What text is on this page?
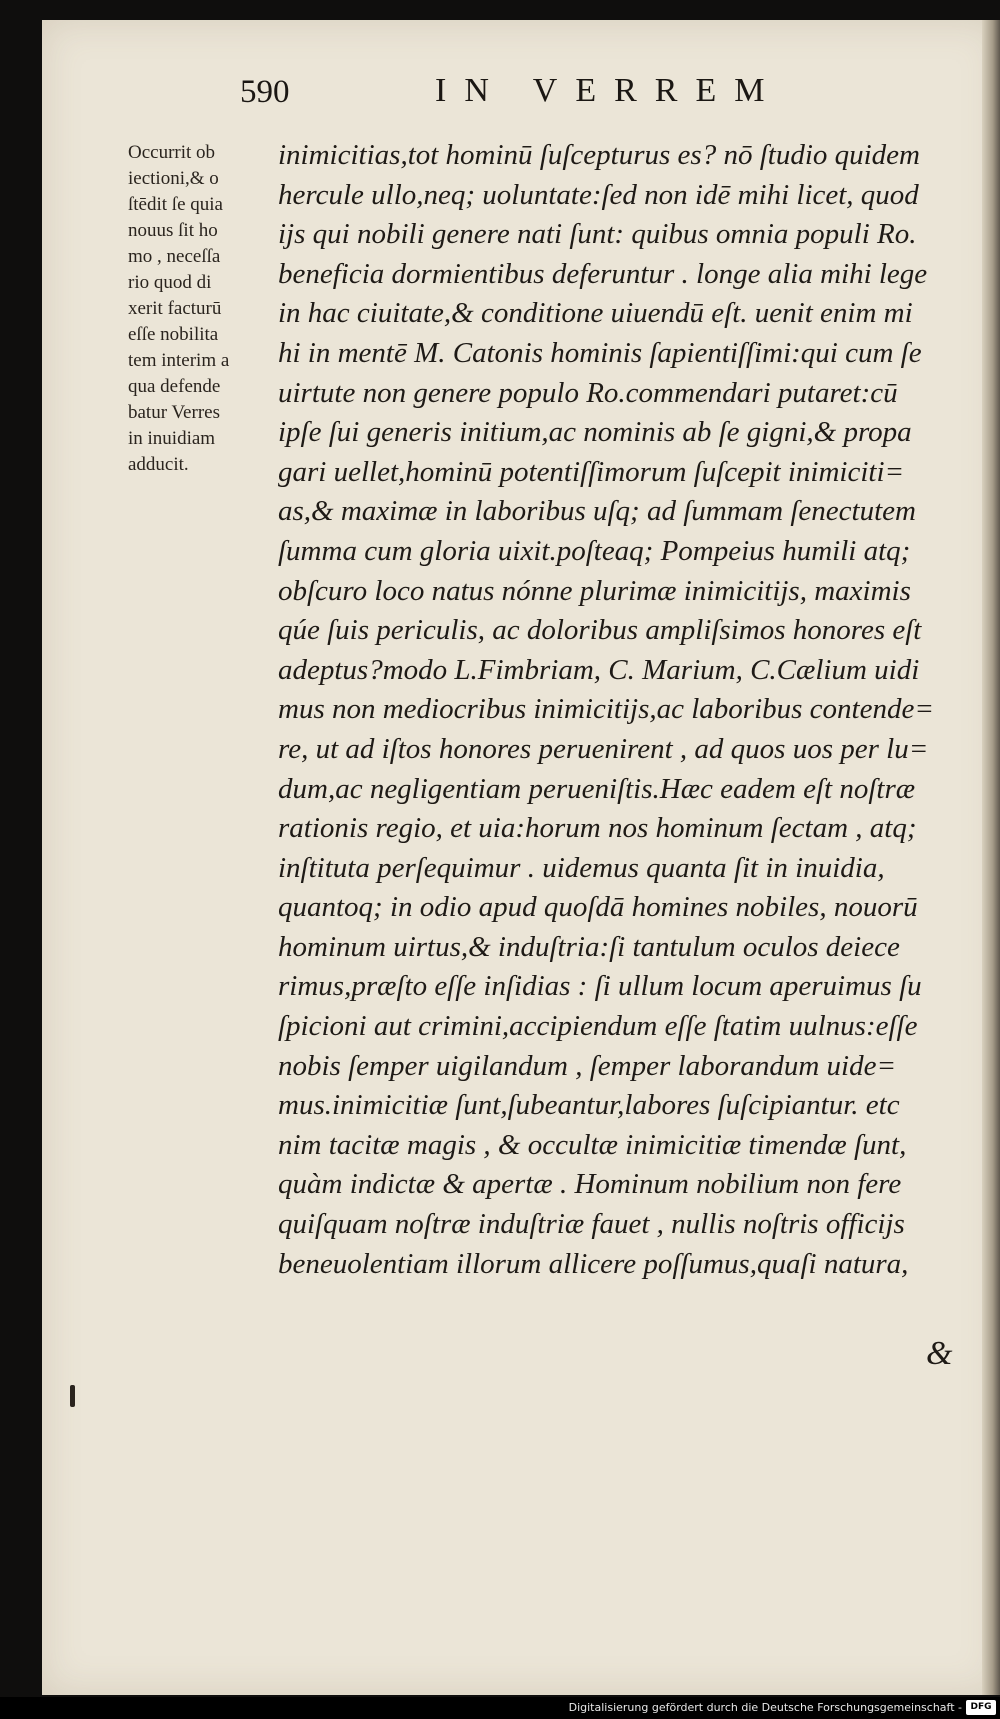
590	IN VERREM
Occurrit ob
iectioni,& o
ſtēdit ſe quia
nouus ſit ho
mo , neceſſa
rio quod di
xerit facturū
eſſe nobilita
tem interim a
qua defende
batur Verres
in inuidiam
adducit.
inimicitias,tot hominū ſuſcepturus es? nō ſtudio quidem
hercule ullo,neq; uoluntate:ſed non idē mihi licet, quod
ijs qui nobili genere nati ſunt: quibus omnia populi Ro.
beneficia dormientibus deferuntur . longe alia mihi lege
in hac ciuitate,& conditione uiuendū eſt. uenit enim mi
hi in mentē M. Catonis hominis ſapientiſſimi:qui cum ſe
uirtute non genere populo Ro.commendari putaret:cū
ipſe ſui generis initium,ac nominis ab ſe gigni,& propa
gari uellet,hominū potentiſſimorum ſuſcepit inimiciti=
as,& maximæ in laboribus uſq; ad ſummam ſenectutem
ſumma cum gloria uixit.poſteaq; Pompeius humili atq;
obſcuro loco natus nónne plurimæ inimicitijs, maximis
qúe ſuis periculis, ac doloribus ampliſsimos honores eſt
adeptus?modo L.Fimbriam, C. Marium, C.Cælium uidi
mus non mediocribus inimicitijs,ac laboribus contende=
re, ut ad iſtos honores peruenirent , ad quos uos per lu=
dum,ac negligentiam perueniſtis.Hæc eadem eſt noſtræ
rationis regio, et uia:horum nos hominum ſectam , atq;
inſtituta perſequimur . uidemus quanta ſit in inuidia,
quantoq; in odio apud quoſdā homines nobiles, nouorū
hominum uirtus,& induſtria:ſi tantulum oculos deiece
rimus,præſto eſſe inſidias : ſi ullum locum aperuimus ſu
ſpicioni aut crimini,accipiendum eſſe ſtatim uulnus:eſſe
nobis ſemper uigilandum , ſemper laborandum uide=
mus.inimicitiæ ſunt,ſubeantur,labores ſuſcipiantur. etc
nim tacitæ magis , & occultæ inimicitiæ timendæ ſunt,
quàm indictæ & apertæ . Hominum nobilium non fere
quiſquam noſtræ induſtriæ fauet , nullis noſtris officijs
beneuolentiam illorum allicere poſſumus,quaſi natura,
&
Digitalisierung gefördert durch die Deutsche Forschungsgemeinschaft - DFG
